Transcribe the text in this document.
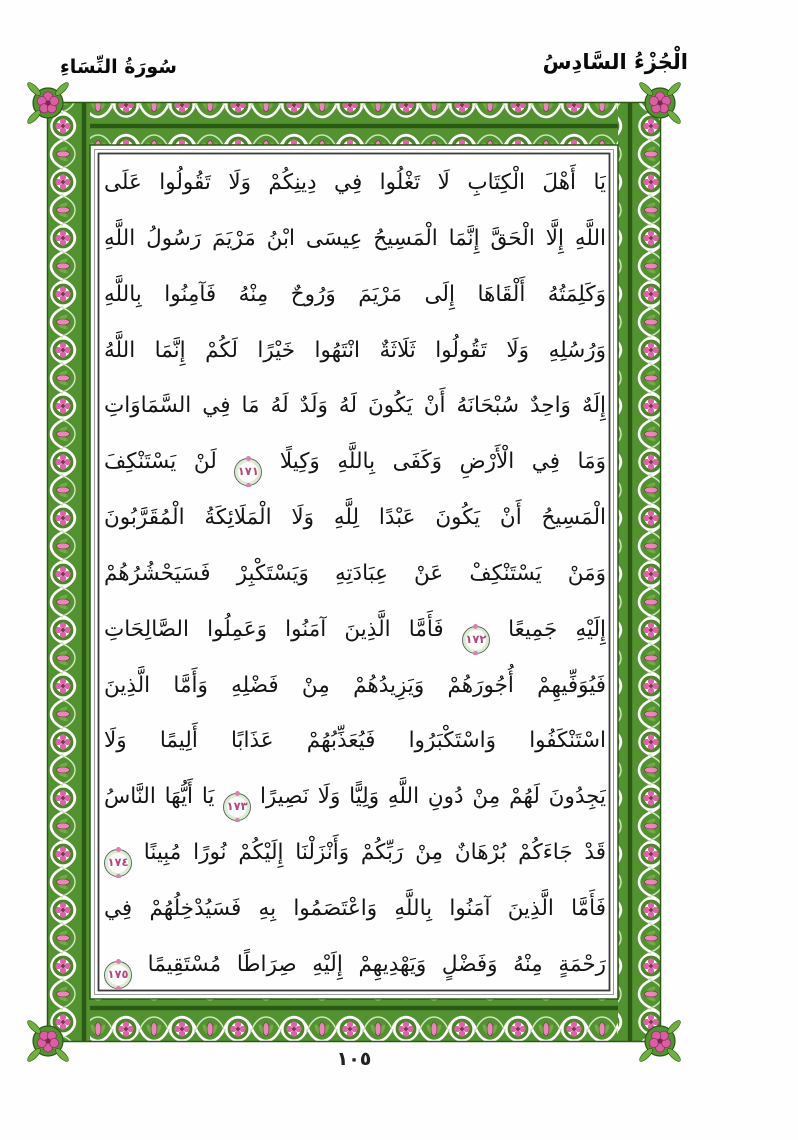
الْجُزْءُ السَّادِسُ
سُورَةُ النِّسَاءِ
يَا أَهْلَ الْكِتَابِ لَا تَغْلُوا فِي دِينِكُمْ وَلَا تَقُولُوا عَلَى
اللَّهِ إِلَّا الْحَقَّ إِنَّمَا الْمَسِيحُ عِيسَى ابْنُ مَرْيَمَ رَسُولُ اللَّهِ
وَكَلِمَتُهُ أَلْقَاهَا إِلَى مَرْيَمَ وَرُوحٌ مِنْهُ فَآمِنُوا بِاللَّهِ
وَرُسُلِهِ وَلَا تَقُولُوا ثَلَاثَةٌ انْتَهُوا خَيْرًا لَكُمْ إِنَّمَا اللَّهُ
إِلَهٌ وَاحِدٌ سُبْحَانَهُ أَنْ يَكُونَ لَهُ وَلَدٌ لَهُ مَا فِي السَّمَاوَاتِ
وَمَا فِي الْأَرْضِ وَكَفَى بِاللَّهِ وَكِيلًا ١٧١ لَنْ يَسْتَنْكِفَ
الْمَسِيحُ أَنْ يَكُونَ عَبْدًا لِلَّهِ وَلَا الْمَلَائِكَةُ الْمُقَرَّبُونَ
وَمَنْ يَسْتَنْكِفْ عَنْ عِبَادَتِهِ وَيَسْتَكْبِرْ فَسَيَحْشُرُهُمْ
إِلَيْهِ جَمِيعًا ١٧٢ فَأَمَّا الَّذِينَ آمَنُوا وَعَمِلُوا الصَّالِحَاتِ
فَيُوَفِّيهِمْ أُجُورَهُمْ وَيَزِيدُهُمْ مِنْ فَضْلِهِ وَأَمَّا الَّذِينَ
اسْتَنْكَفُوا وَاسْتَكْبَرُوا فَيُعَذِّبُهُمْ عَذَابًا أَلِيمًا وَلَا
يَجِدُونَ لَهُمْ مِنْ دُونِ اللَّهِ وَلِيًّا وَلَا نَصِيرًا ١٧٣ يَا أَيُّهَا النَّاسُ
قَدْ جَاءَكُمْ بُرْهَانٌ مِنْ رَبِّكُمْ وَأَنْزَلْنَا إِلَيْكُمْ نُورًا مُبِينًا ١٧٤
فَأَمَّا الَّذِينَ آمَنُوا بِاللَّهِ وَاعْتَصَمُوا بِهِ فَسَيُدْخِلُهُمْ فِي
رَحْمَةٍ مِنْهُ وَفَضْلٍ وَيَهْدِيهِمْ إِلَيْهِ صِرَاطًا مُسْتَقِيمًا ١٧٥
١٠٥
